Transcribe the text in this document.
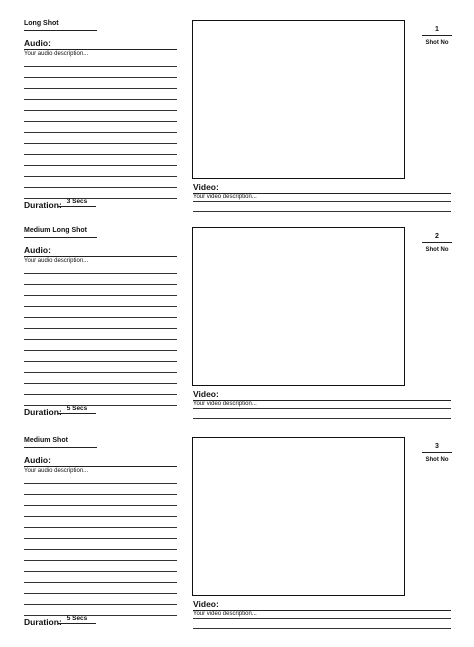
Long Shot
Audio:
Your audio description...
Duration: 3 Secs
Video:
Your video description...
1
Shot No
Medium Long Shot
Audio:
Your audio description...
Duration: 5 Secs
Video:
Your video description...
2
Shot No
Medium Shot
Audio:
Your audio description...
Duration: 5 Secs
Video:
Your video description...
3
Shot No
